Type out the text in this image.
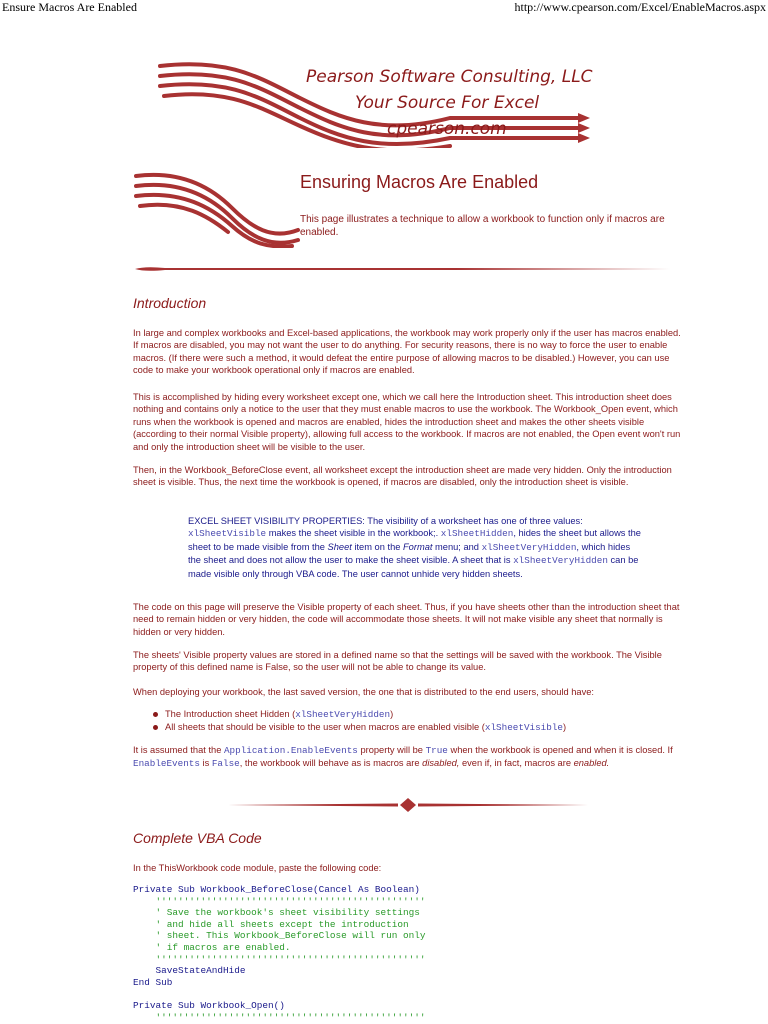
Ensure Macros Are Enabled	http://www.cpearson.com/Excel/EnableMacros.aspx
Pearson Software Consulting, LLC
Your Source For Excel
cpearson.com
Ensuring Macros Are Enabled
This page illustrates a technique to allow a workbook to function only if macros are enabled.
Introduction

In large and complex workbooks and Excel-based applications, the workbook may work properly only if the user has macros enabled. If macros are disabled, you may not want the user to do anything. For security reasons, there is no way to force the user to enable macros. (If there were such a method, it would defeat the entire purpose of allowing macros to be disabled.) However, you can use code to make your workbook operational only if macros are enabled.

This is accomplished by hiding every worksheet except one, which we call here the Introduction sheet. This introduction sheet does nothing and contains only a notice to the user that they must enable macros to use the workbook. The Workbook_Open event, which runs when the workbook is opened and macros are enabled, hides the introduction sheet and makes the other sheets visible (according to their normal Visible property), allowing full access to the workbook. If macros are not enabled, the Open event won't run and only the introduction sheet will be visible to the user.

Then, in the Workbook_BeforeClose event, all worksheet except the introduction sheet are made very hidden. Only the introduction sheet is visible. Thus, the next time the workbook is opened, if macros are disabled, only the introduction sheet is visible.

EXCEL SHEET VISIBILITY PROPERTIES: The visibility of a worksheet has one of three values: xlSheetVisible makes the sheet visible in the workbook;. xlSheetHidden, hides the sheet but allows the sheet to be made visible from the Sheet item on the Format menu; and xlSheetVeryHidden, which hides the sheet and does not allow the user to make the sheet visible. A sheet that is xlSheetVeryHidden can be made visible only through VBA code. The user cannot unhide very hidden sheets.

The code on this page will preserve the Visible property of each sheet. Thus, if you have sheets other than the introduction sheet that need to remain hidden or very hidden, the code will accommodate those sheets. It will not make visible any sheet that normally is hidden or very hidden.

The sheets' Visible property values are stored in a defined name so that the settings will be saved with the workbook. The Visible property of this defined name is False, so the user will not be able to change its value.

When deploying your workbook, the last saved version, the one that is distributed to the end users, should have:

The Introduction sheet Hidden (xlSheetVeryHidden)
All sheets that should be visible to the user when macros are enabled visible (xlSheetVisible)

It is assumed that the Application.EnableEvents property will be True when the workbook is opened and when it is closed. If EnableEvents is False, the workbook will behave as is macros are disabled, even if, in fact, macros are enabled.

Complete VBA Code

In the ThisWorkbook code module, paste the following code:

Private Sub Workbook_BeforeClose(Cancel As Boolean)
''''''''''''''''''''''''''''''''''''''''''''''''
' Save the workbook's sheet visibility settings
' and hide all sheets except the introduction
' sheet. This Workbook_BeforeClose will run only
' if macros are enabled.
''''''''''''''''''''''''''''''''''''''''''''''''
SaveStateAndHide
End Sub

Private Sub Workbook_Open()
''''''''''''''''''''''''''''''''''''''''''''''''
